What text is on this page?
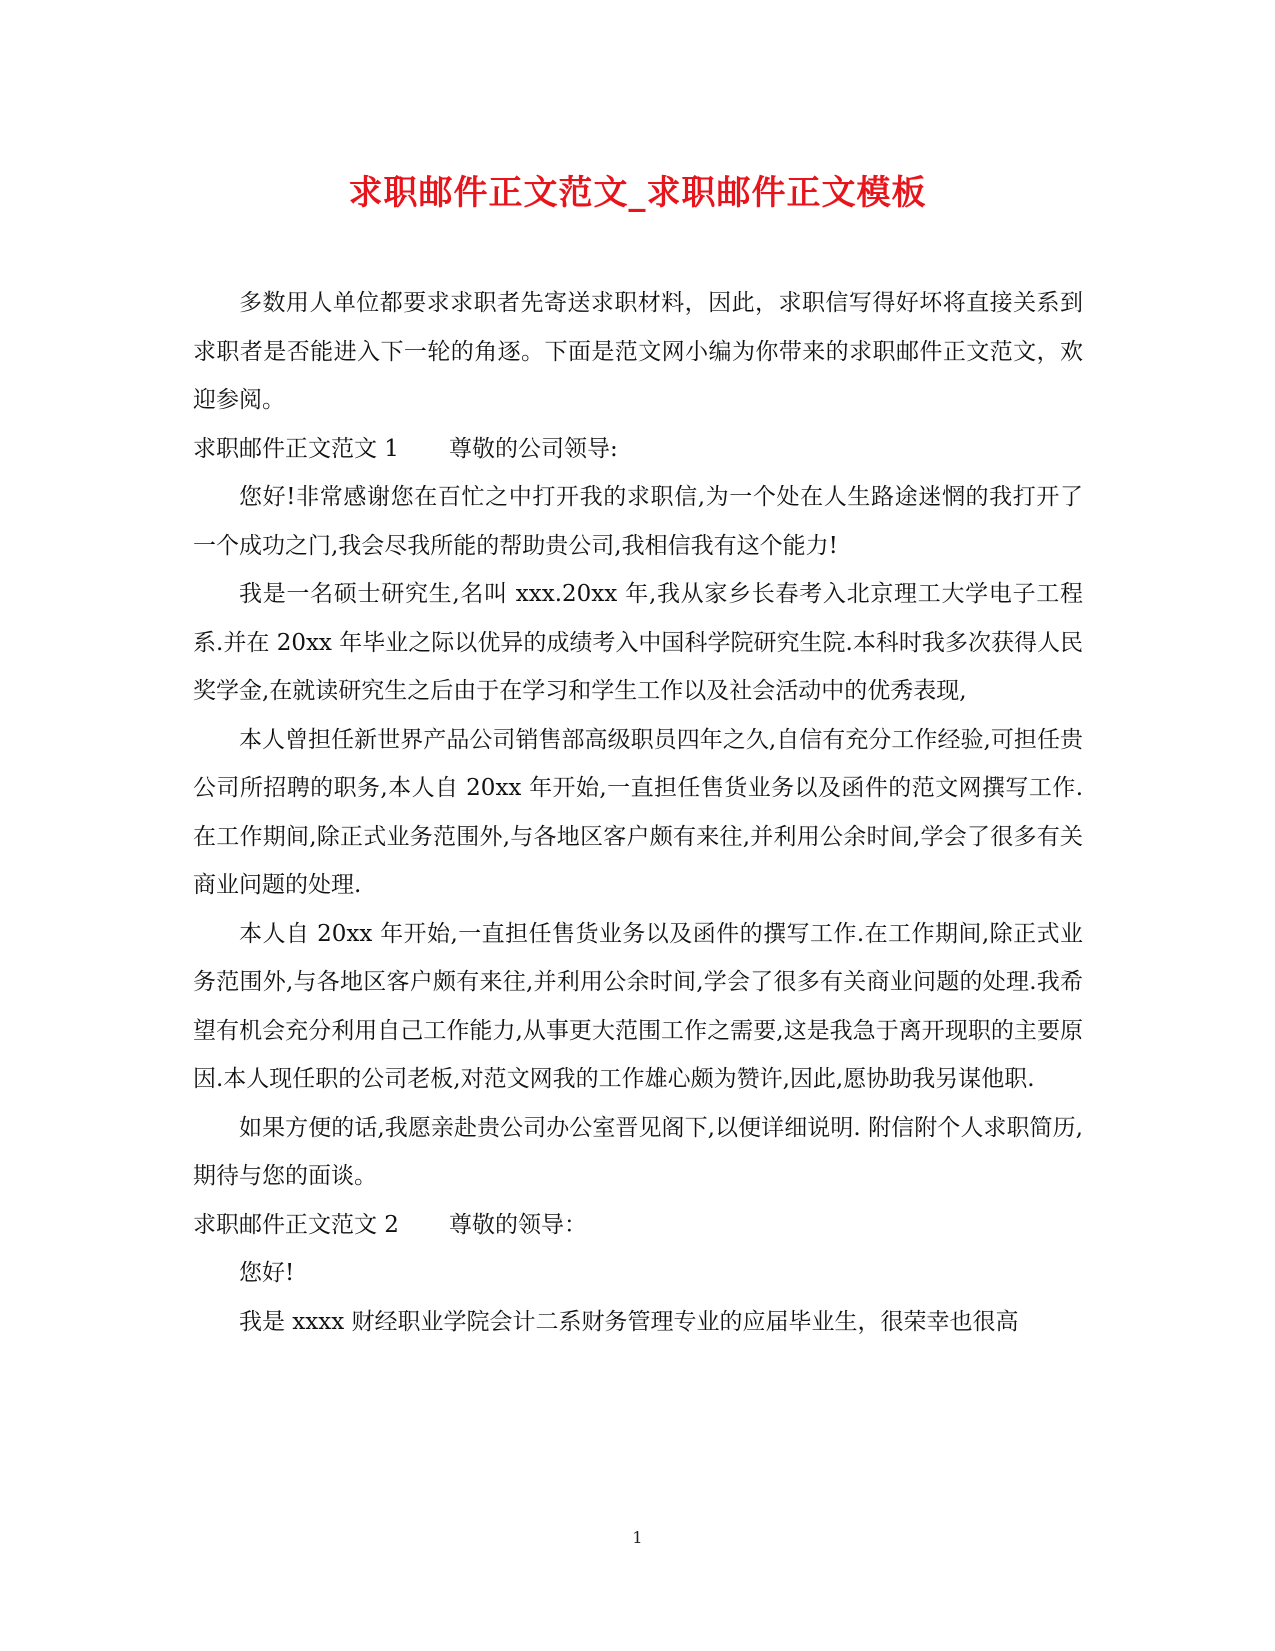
求职邮件正文范文_求职邮件正文模板

多数用人单位都要求求职者先寄送求职材料，因此，求职信写得好坏将直接关系到求职者是否能进入下一轮的角逐。下面是范文网小编为你带来的求职邮件正文范文，欢迎参阅。

求职邮件正文范文 1 尊敬的公司领导:

您好!非常感谢您在百忙之中打开我的求职信,为一个处在人生路途迷惘的我打开了一个成功之门,我会尽我所能的帮助贵公司,我相信我有这个能力!

我是一名硕士研究生,名叫 xxx.20xx 年,我从家乡长春考入北京理工大学电子工程系.并在 20xx 年毕业之际以优异的成绩考入中国科学院研究生院.本科时我多次获得人民奖学金,在就读研究生之后由于在学习和学生工作以及社会活动中的优秀表现,

本人曾担任新世界产品公司销售部高级职员四年之久,自信有充分工作经验,可担任贵公司所招聘的职务,本人自 20xx 年开始,一直担任售货业务以及函件的范文网撰写工作.在工作期间,除正式业务范围外,与各地区客户颇有来往,并利用公余时间,学会了很多有关商业问题的处理.

本人自 20xx 年开始,一直担任售货业务以及函件的撰写工作.在工作期间,除正式业务范围外,与各地区客户颇有来往,并利用公余时间,学会了很多有关商业问题的处理.我希望有机会充分利用自己工作能力,从事更大范围工作之需要,这是我急于离开现职的主要原因.本人现任职的公司老板,对范文网我的工作雄心颇为赞许,因此,愿协助我另谋他职.

如果方便的话,我愿亲赴贵公司办公室晋见阁下,以便详细说明. 附信附个人求职简历,期待与您的面谈。

求职邮件正文范文 2 尊敬的领导：

您好!

我是 xxxx 财经职业学院会计二系财务管理专业的应届毕业生，很荣幸也很高

1
